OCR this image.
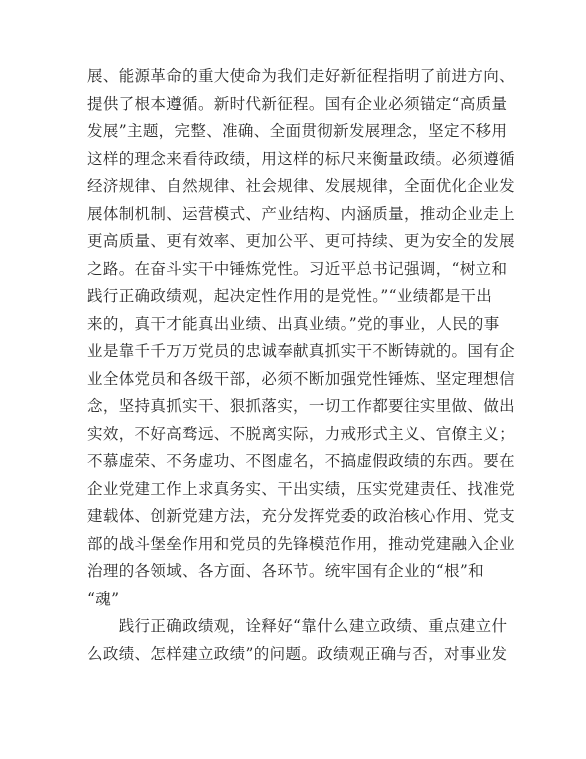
展、能源革命的重大使命为我们走好新征程指明了前进方向、
提供了根本遵循。新时代新征程。国有企业必须锚定“高质量
发展”主题，完整、准确、全面贯彻新发展理念，坚定不移用
这样的理念来看待政绩，用这样的标尺来衡量政绩。必须遵循
经济规律、自然规律、社会规律、发展规律，全面优化企业发
展体制机制、运营模式、产业结构、内涵质量，推动企业走上
更高质量、更有效率、更加公平、更可持续、更为安全的发展
之路。在奋斗实干中锤炼党性。习近平总书记强调，“树立和
践行正确政绩观，起决定性作用的是党性。”“业绩都是干出
来的，真干才能真出业绩、出真业绩。”党的事业，人民的事
业是靠千千万万党员的忠诚奉献真抓实干不断铸就的。国有企
业全体党员和各级干部，必须不断加强党性锤炼、坚定理想信
念，坚持真抓实干、狠抓落实，一切工作都要往实里做、做出
实效，不好高骛远、不脱离实际，力戒形式主义、官僚主义；
不慕虚荣、不务虚功、不图虚名，不搞虚假政绩的东西。要在
企业党建工作上求真务实、干出实绩，压实党建责任、找准党
建载体、创新党建方法，充分发挥党委的政治核心作用、党支
部的战斗堡垒作用和党员的先锋模范作用，推动党建融入企业
治理的各领域、各方面、各环节。统牢国有企业的“根”和
“魂”
　　践行正确政绩观，诠释好“靠什么建立政绩、重点建立什
么政绩、怎样建立政绩”的问题。政绩观正确与否，对事业发
